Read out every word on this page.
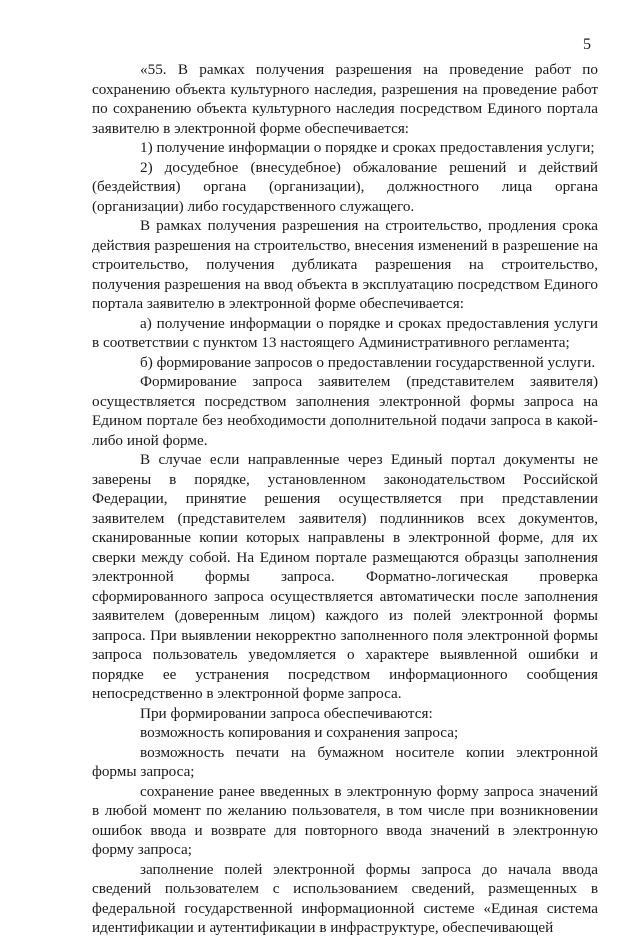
5

«55. В рамках получения разрешения на проведение работ по сохранению объекта культурного наследия, разрешения на проведение работ по сохранению объекта культурного наследия посредством Единого портала заявителю в электронной форме обеспечивается:

1) получение информации о порядке и сроках предоставления услуги;

2) досудебное (внесудебное) обжалование решений и действий (бездействия) органа (организации), должностного лица органа (организации) либо государственного служащего.

В рамках получения разрешения на строительство, продления срока действия разрешения на строительство, внесения изменений в разрешение на строительство, получения дубликата разрешения на строительство, получения разрешения на ввод объекта в эксплуатацию посредством Единого портала заявителю в электронной форме обеспечивается:

а) получение информации о порядке и сроках предоставления услуги в соответствии с пунктом 13 настоящего Административного регламента;

б) формирование запросов о предоставлении государственной услуги.

Формирование запроса заявителем (представителем заявителя) осуществляется посредством заполнения электронной формы запроса на Едином портале без необходимости дополнительной подачи запроса в какой-либо иной форме.

В случае если направленные через Единый портал документы не заверены в порядке, установленном законодательством Российской Федерации, принятие решения осуществляется при представлении заявителем (представителем заявителя) подлинников всех документов, сканированные копии которых направлены в электронной форме, для их сверки между собой. На Едином портале размещаются образцы заполнения электронной формы запроса. Форматно-логическая проверка сформированного запроса осуществляется автоматически после заполнения заявителем (доверенным лицом) каждого из полей электронной формы запроса. При выявлении некорректно заполненного поля электронной формы запроса пользователь уведомляется о характере выявленной ошибки и порядке ее устранения посредством информационного сообщения непосредственно в электронной форме запроса.

При формировании запроса обеспечиваются:

возможность копирования и сохранения запроса;

возможность печати на бумажном носителе копии электронной формы запроса;

сохранение ранее введенных в электронную форму запроса значений в любой момент по желанию пользователя, в том числе при возникновении ошибок ввода и возврате для повторного ввода значений в электронную форму запроса;

заполнение полей электронной формы запроса до начала ввода сведений пользователем с использованием сведений, размещенных в федеральной государственной информационной системе «Единая система идентификации и аутентификации в инфраструктуре, обеспечивающей
